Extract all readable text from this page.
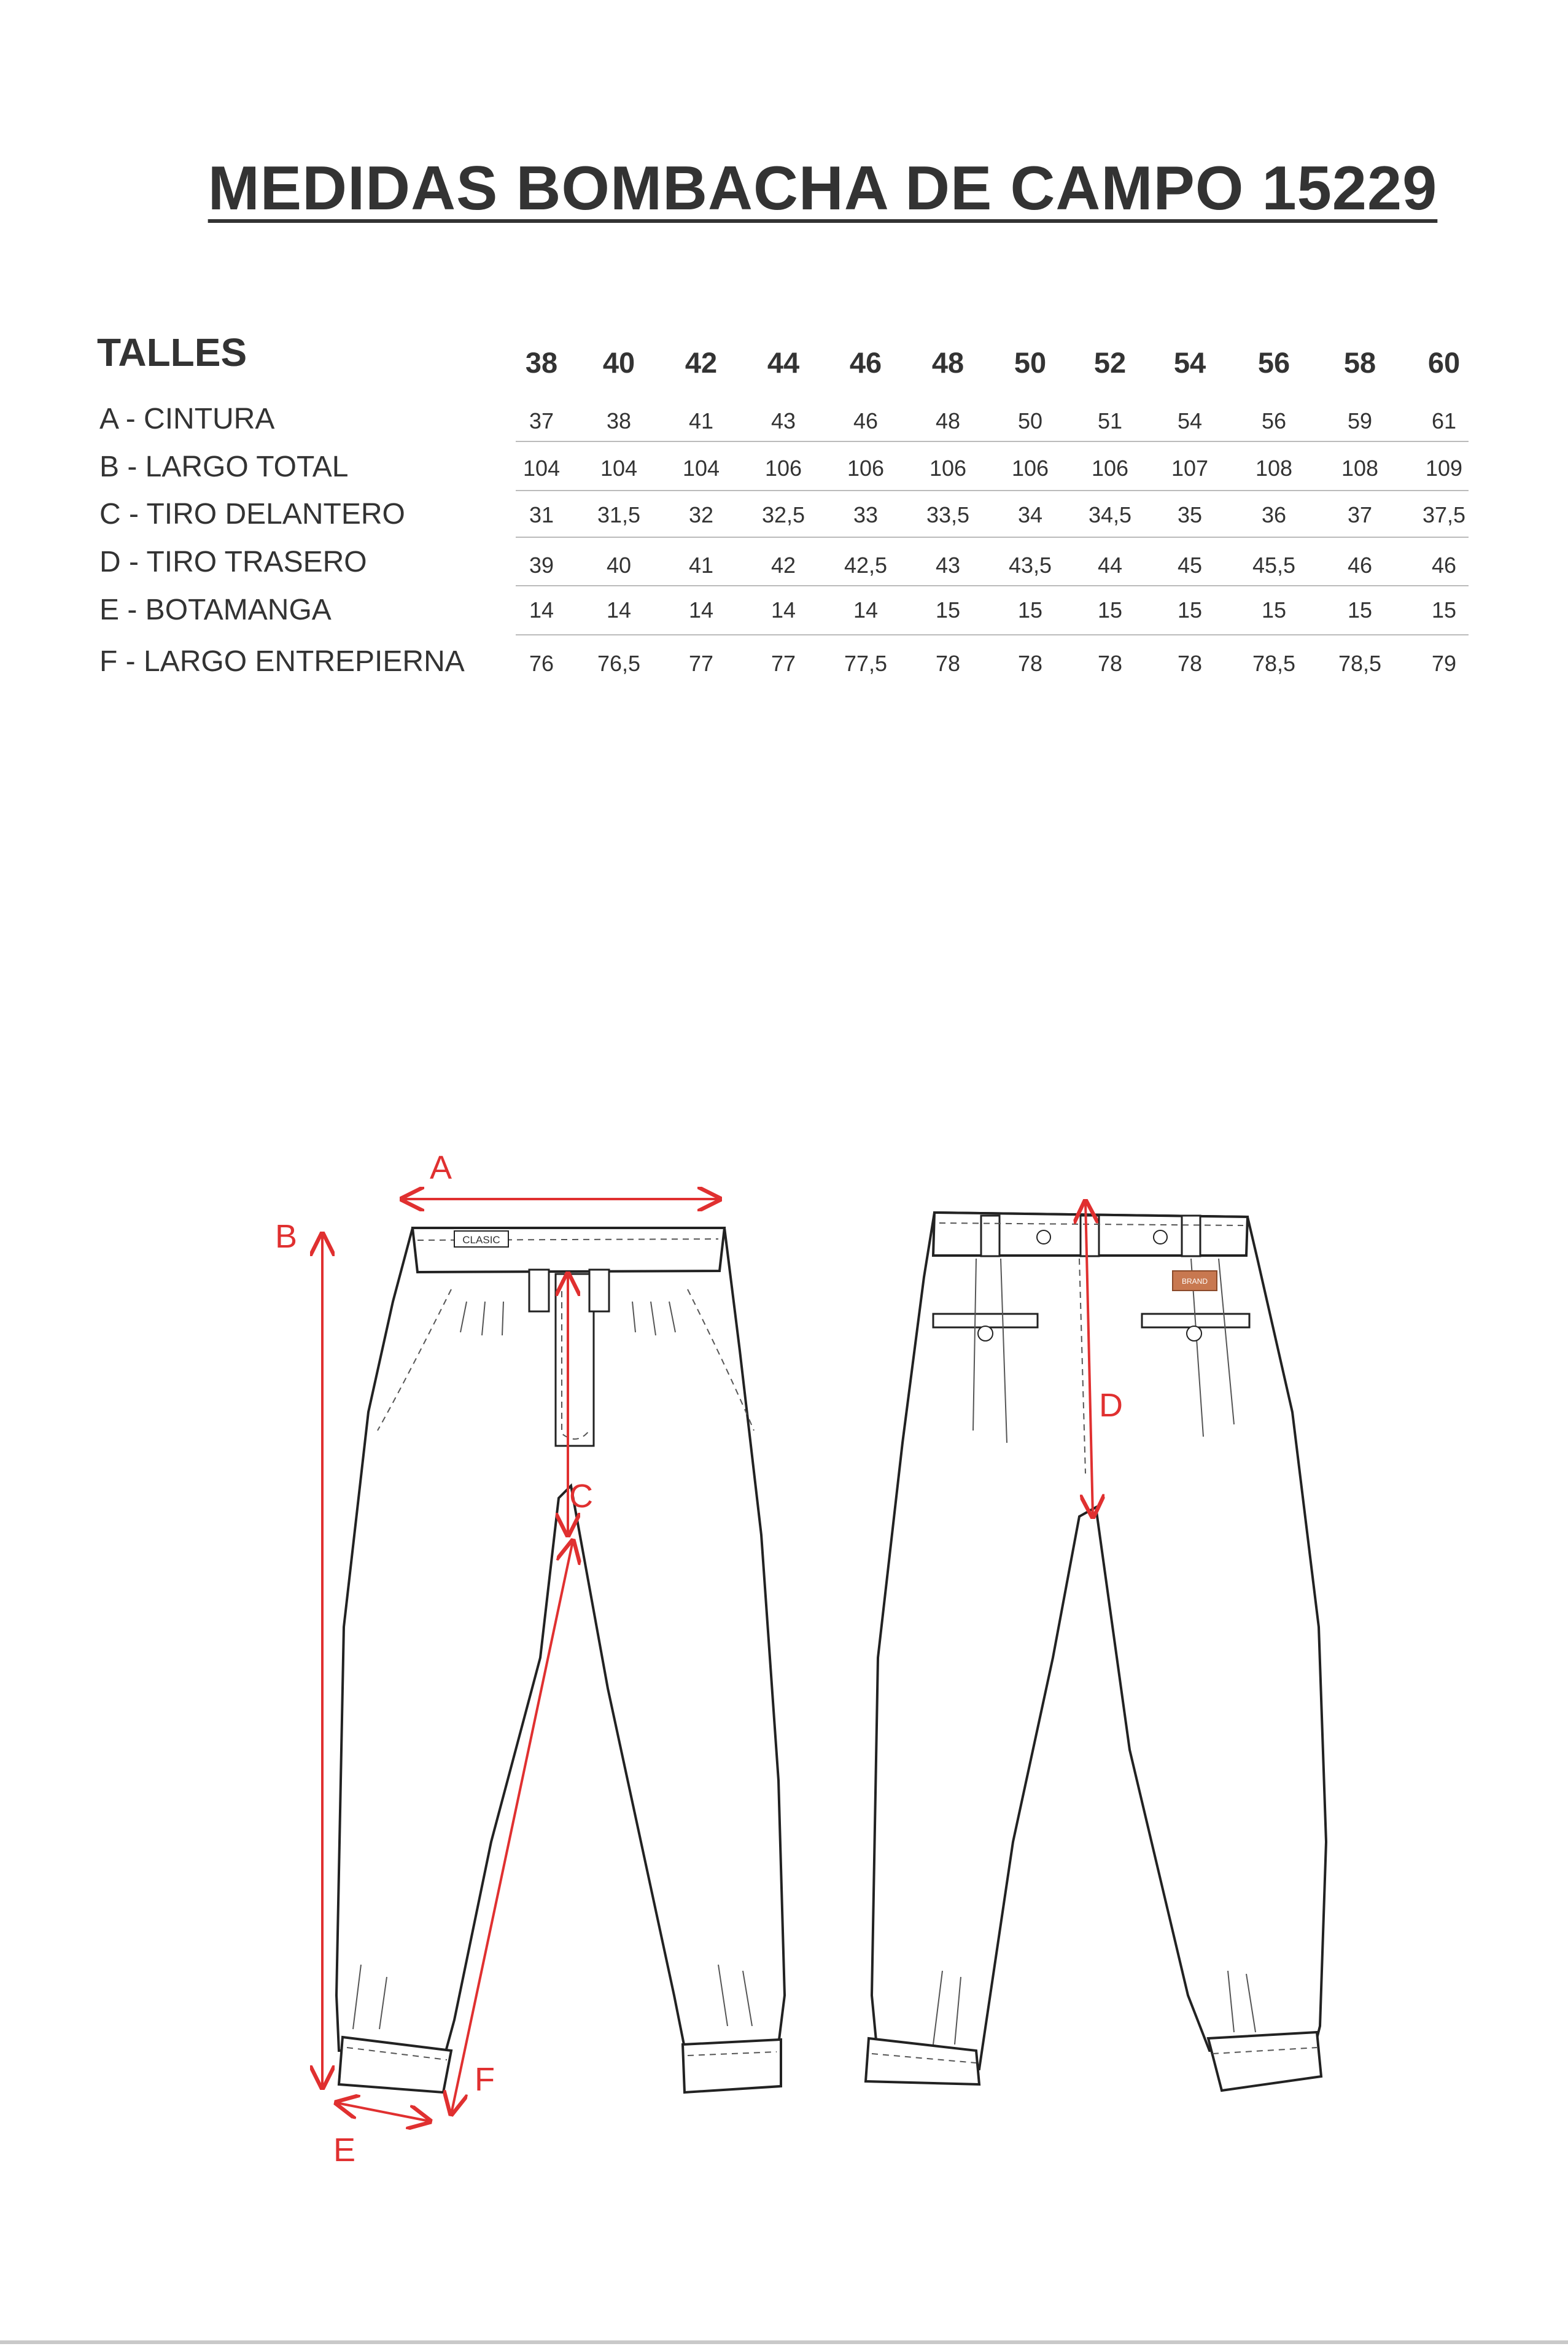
MEDIDAS BOMBACHA DE CAMPO 15229
TALLES	38 40 42 44 46 48 50 52 54 56 58 60
A - CINTURA	37 38	41	43	46	48	50 51 54	56	59	61
B - LARGO TOTAL	104 104 104 106 106 106 106 106 107 108 108 109
C - TIRO DELANTERO	31 31,5 32 32,5 33 33,5 34 34,5 35	36	37 37,5
D - TIRO TRASERO	39 40	41	42 42,5 43 43,5 44 45 45,5 46	46
E - BOTAMANGA	14 14	14	14	14	15	15 15 15	15	15	15
F - LARGO ENTREPIERNA	76 76,5 77	77 77,5 78	78 78 78 78,5 78,5 79
CLASIC
BRAND
A
B
C
D
E
F
